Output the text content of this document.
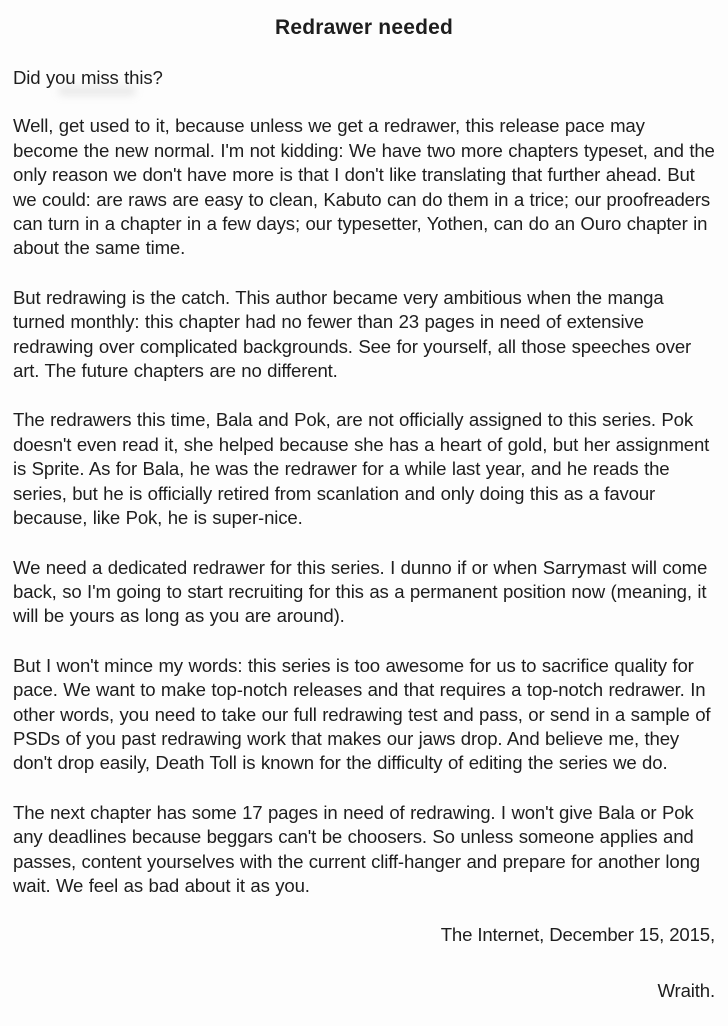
Redrawer needed

Did you miss this?

Well, get used to it, because unless we get a redrawer, this release pace may become the new normal. I'm not kidding: We have two more chapters typeset, and the only reason we don't have more is that I don't like translating that further ahead. But we could: are raws are easy to clean, Kabuto can do them in a trice; our proofreaders can turn in a chapter in a few days; our typesetter, Yothen, can do an Ouro chapter in about the same time.

But redrawing is the catch. This author became very ambitious when the manga turned monthly: this chapter had no fewer than 23 pages in need of extensive redrawing over complicated backgrounds. See for yourself, all those speeches over art. The future chapters are no different.

The redrawers this time, Bala and Pok, are not officially assigned to this series. Pok doesn't even read it, she helped because she has a heart of gold, but her assignment is Sprite. As for Bala, he was the redrawer for a while last year, and he reads the series, but he is officially retired from scanlation and only doing this as a favour because, like Pok, he is super-nice.

We need a dedicated redrawer for this series. I dunno if or when Sarrymast will come back, so I'm going to start recruiting for this as a permanent position now (meaning, it will be yours as long as you are around).

But I won't mince my words: this series is too awesome for us to sacrifice quality for pace. We want to make top-notch releases and that requires a top-notch redrawer. In other words, you need to take our full redrawing test and pass, or send in a sample of PSDs of you past redrawing work that makes our jaws drop. And believe me, they don't drop easily, Death Toll is known for the difficulty of editing the series we do.

The next chapter has some 17 pages in need of redrawing. I won't give Bala or Pok any deadlines because beggars can't be choosers. So unless someone applies and passes, content yourselves with the current cliff-hanger and prepare for another long wait. We feel as bad about it as you.

The Internet, December 15, 2015,

Wraith.
